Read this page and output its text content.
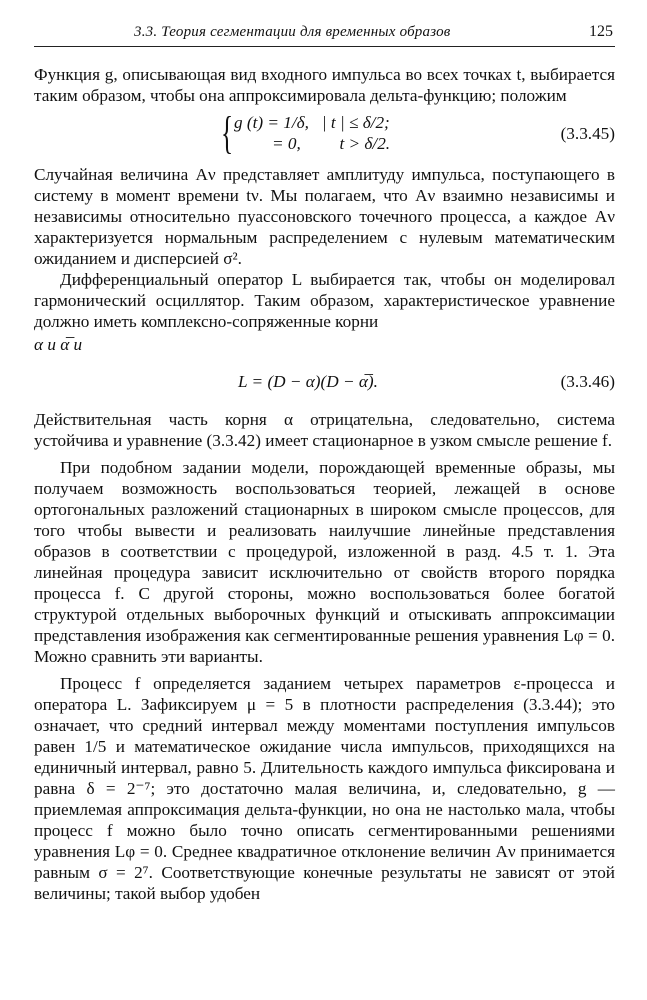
3.3. Теория сегментации для временных образов	125

Функция g, описывающая вид входного импульса во всех точках t, выбирается таким образом, чтобы она аппроксимировала дельта-функцию; положим

{ g (t) = 1/δ,   | t | ≤ δ/2;
= 0,         t > δ/2.
(3.3.45)

Случайная величина Aν представляет амплитуду импульса, поступающего в систему в момент времени tν. Мы полагаем, что Aν взаимно независимы и независимы относительно пуассоновского точечного процесса, а каждое Aν характеризуется нормальным распределением с нулевым математическим ожиданием и дисперсией σ².

Дифференциальный оператор L выбирается так, чтобы он моделировал гармонический осциллятор. Таким образом, характеристическое уравнение должно иметь комплексно-сопряженные корни

α и α̅ и

L = (D − α)(D − α̅).	(3.3.46)

Действительная часть корня α отрицательна, следовательно, система устойчива и уравнение (3.3.42) имеет стационарное в узком смысле решение f.

При подобном задании модели, порождающей временные образы, мы получаем возможность воспользоваться теорией, лежащей в основе ортогональных разложений стационарных в широком смысле процессов, для того чтобы вывести и реализовать наилучшие линейные представления образов в соответствии с процедурой, изложенной в разд. 4.5 т. 1. Эта линейная процедура зависит исключительно от свойств второго порядка процесса f. С другой стороны, можно воспользоваться более богатой структурой отдельных выборочных функций и отыскивать аппроксимации представления изображения как сегментированные решения уравнения Lφ = 0. Можно сравнить эти варианты.

Процесс f определяется заданием четырех параметров ε-процесса и оператора L. Зафиксируем μ = 5 в плотности распределения (3.3.44); это означает, что средний интервал между моментами поступления импульсов равен 1/5 и математическое ожидание числа импульсов, приходящихся на единичный интервал, равно 5. Длительность каждого импульса фиксирована и равна δ = 2⁻⁷; это достаточно малая величина, и, следовательно, g — приемлемая аппроксимация дельта-функции, но она не настолько мала, чтобы процесс f можно было точно описать сегментированными решениями уравнения Lφ = 0. Среднее квадратичное отклонение величин Aν принимается равным σ = 2⁷. Соответствующие конечные результаты не зависят от этой величины; такой выбор удобен
